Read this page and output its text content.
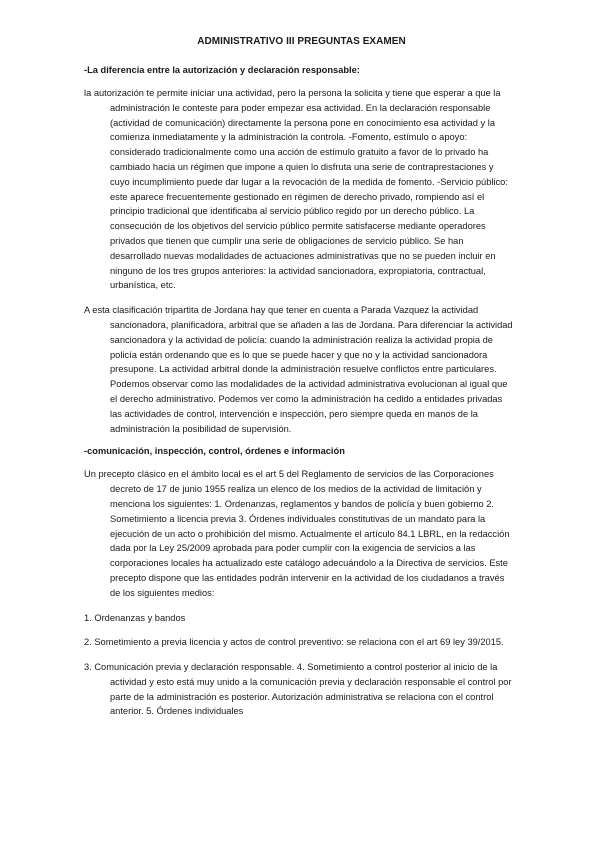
ADMINISTRATIVO III PREGUNTAS EXAMEN
-La diferencia entre la autorización y declaración responsable:

la autorización te permite iniciar una actividad, pero la persona la solicita y tiene que esperar a que la administración le conteste para poder empezar esa actividad. En la declaración responsable (actividad de comunicación) directamente la persona pone en conocimiento esa actividad y la comienza inmediatamente y la administración la controla. -Fomento, estímulo o apoyo: considerado tradicionalmente como una acción de estímulo gratuito a favor de lo privado ha cambiado hacia un régimen que impone a quien lo disfruta una serie de contraprestaciones y cuyo incumplimiento puede dar lugar a la revocación de la medida de fomento. -Servicio público: este aparece frecuentemente gestionado en régimen de derecho privado, rompiendo así el principio tradicional que identificaba al servicio público regido por un derecho público. La consecución de los objetivos del servicio público permite satisfacerse mediante operadores privados que tienen que cumplir una serie de obligaciones de servicio público. Se han desarrollado nuevas modalidades de actuaciones administrativas que no se pueden incluir en ninguno de los tres grupos anteriores: la actividad sancionadora, expropiatoria, contractual, urbanística, etc.

A esta clasificación tripartita de Jordana hay que tener en cuenta a Parada Vazquez la actividad sancionadora, planificadora, arbitral que se añaden a las de Jordana. Para diferenciar la actividad sancionadora y la actividad de policía: cuando la administración realiza la actividad propia de policía están ordenando que es lo que se puede hacer y que no y la actividad sancionadora presupone. La actividad arbitral donde la administración resuelve conflictos entre particulares. Podemos observar como las modalidades de la actividad administrativa evolucionan al igual que el derecho administrativo. Podemos ver como la administración ha cedido a entidades privadas las actividades de control, intervención e inspección, pero siempre queda en manos de la administración la posibilidad de supervisión.

-comunicación, inspección, control, órdenes e información

Un precepto clásico en el ámbito local es el art 5 del Reglamento de servicios de las Corporaciones decreto de 17 de junio 1955 realiza un elenco de los medios de la actividad de limitación y menciona los siguientes: 1. Ordenanzas, reglamentos y bandos de policía y buen gobierno 2. Sometimiento a licencia previa 3. Órdenes individuales constitutivas de un mandato para la ejecución de un acto o prohibición del mismo. Actualmente el artículo 84.1 LBRL, en la redacción dada por la Ley 25/2009 aprobada para poder cumplir con la exigencia de servicios a las corporaciones locales ha actualizado este catálogo adecuándolo a la Directiva de servicios. Este precepto dispone que las entidades podrán intervenir en la actividad de los ciudadanos a través de los siguientes medios:

1. Ordenanzas y bandos

2. Sometimiento a previa licencia y actos de control preventivo: se relaciona con el art 69 ley 39/2015.

3. Comunicación previa y declaración responsable. 4. Sometimiento a control posterior al inicio de la actividad y esto está muy unido a la comunicación previa y declaración responsable el control por parte de la administración es posterior. Autorización administrativa se relaciona con el control anterior. 5. Órdenes individuales
